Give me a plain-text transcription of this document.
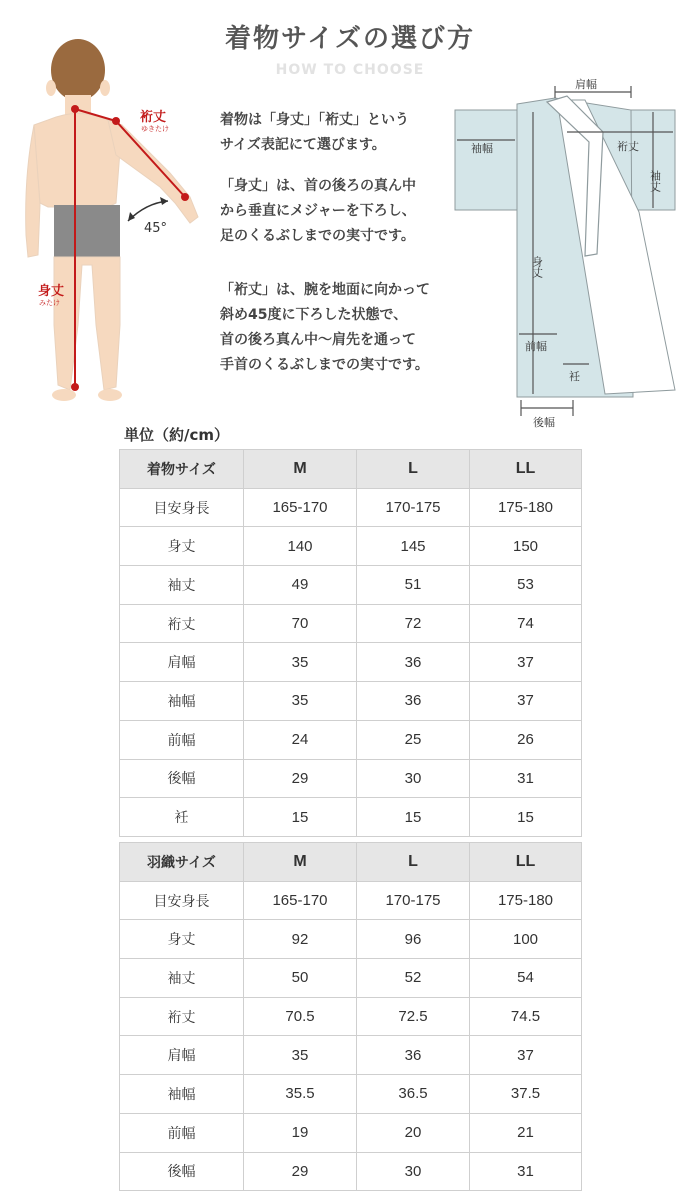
着物サイズの選び方
HOW TO CHOOSE
45°
裄丈
ゆきたけ
身丈
みたけ
着物は「身丈」「裄丈」という
サイズ表記にて選びます。
「身丈」は、首の後ろの真ん中
から垂直にメジャーを下ろし、
足のくるぶしまでの実寸です。
「裄丈」は、腕を地面に向かって
斜め45度に下ろした状態で、
首の後ろ真ん中〜肩先を通って
手首のくるぶしまでの実寸です。
肩幅
袖幅	裄丈
袖丈
身丈
前幅
衽
後幅
単位（約/cm）
着物サイズ	M	L	LL
目安身長	165-170	170-175	175-180
身丈	140	145	150
袖丈	49	51	53
裄丈	70	72	74
肩幅	35	36	37
袖幅	35	36	37
前幅	24	25	26
後幅	29	30	31
衽	15	15	15
羽織サイズ	M	L	LL
目安身長	165-170	170-175	175-180
身丈	92	96	100
袖丈	50	52	54
裄丈	70.5	72.5	74.5
肩幅	35	36	37
袖幅	35.5	36.5	37.5
前幅	19	20	21
後幅	29	30	31
